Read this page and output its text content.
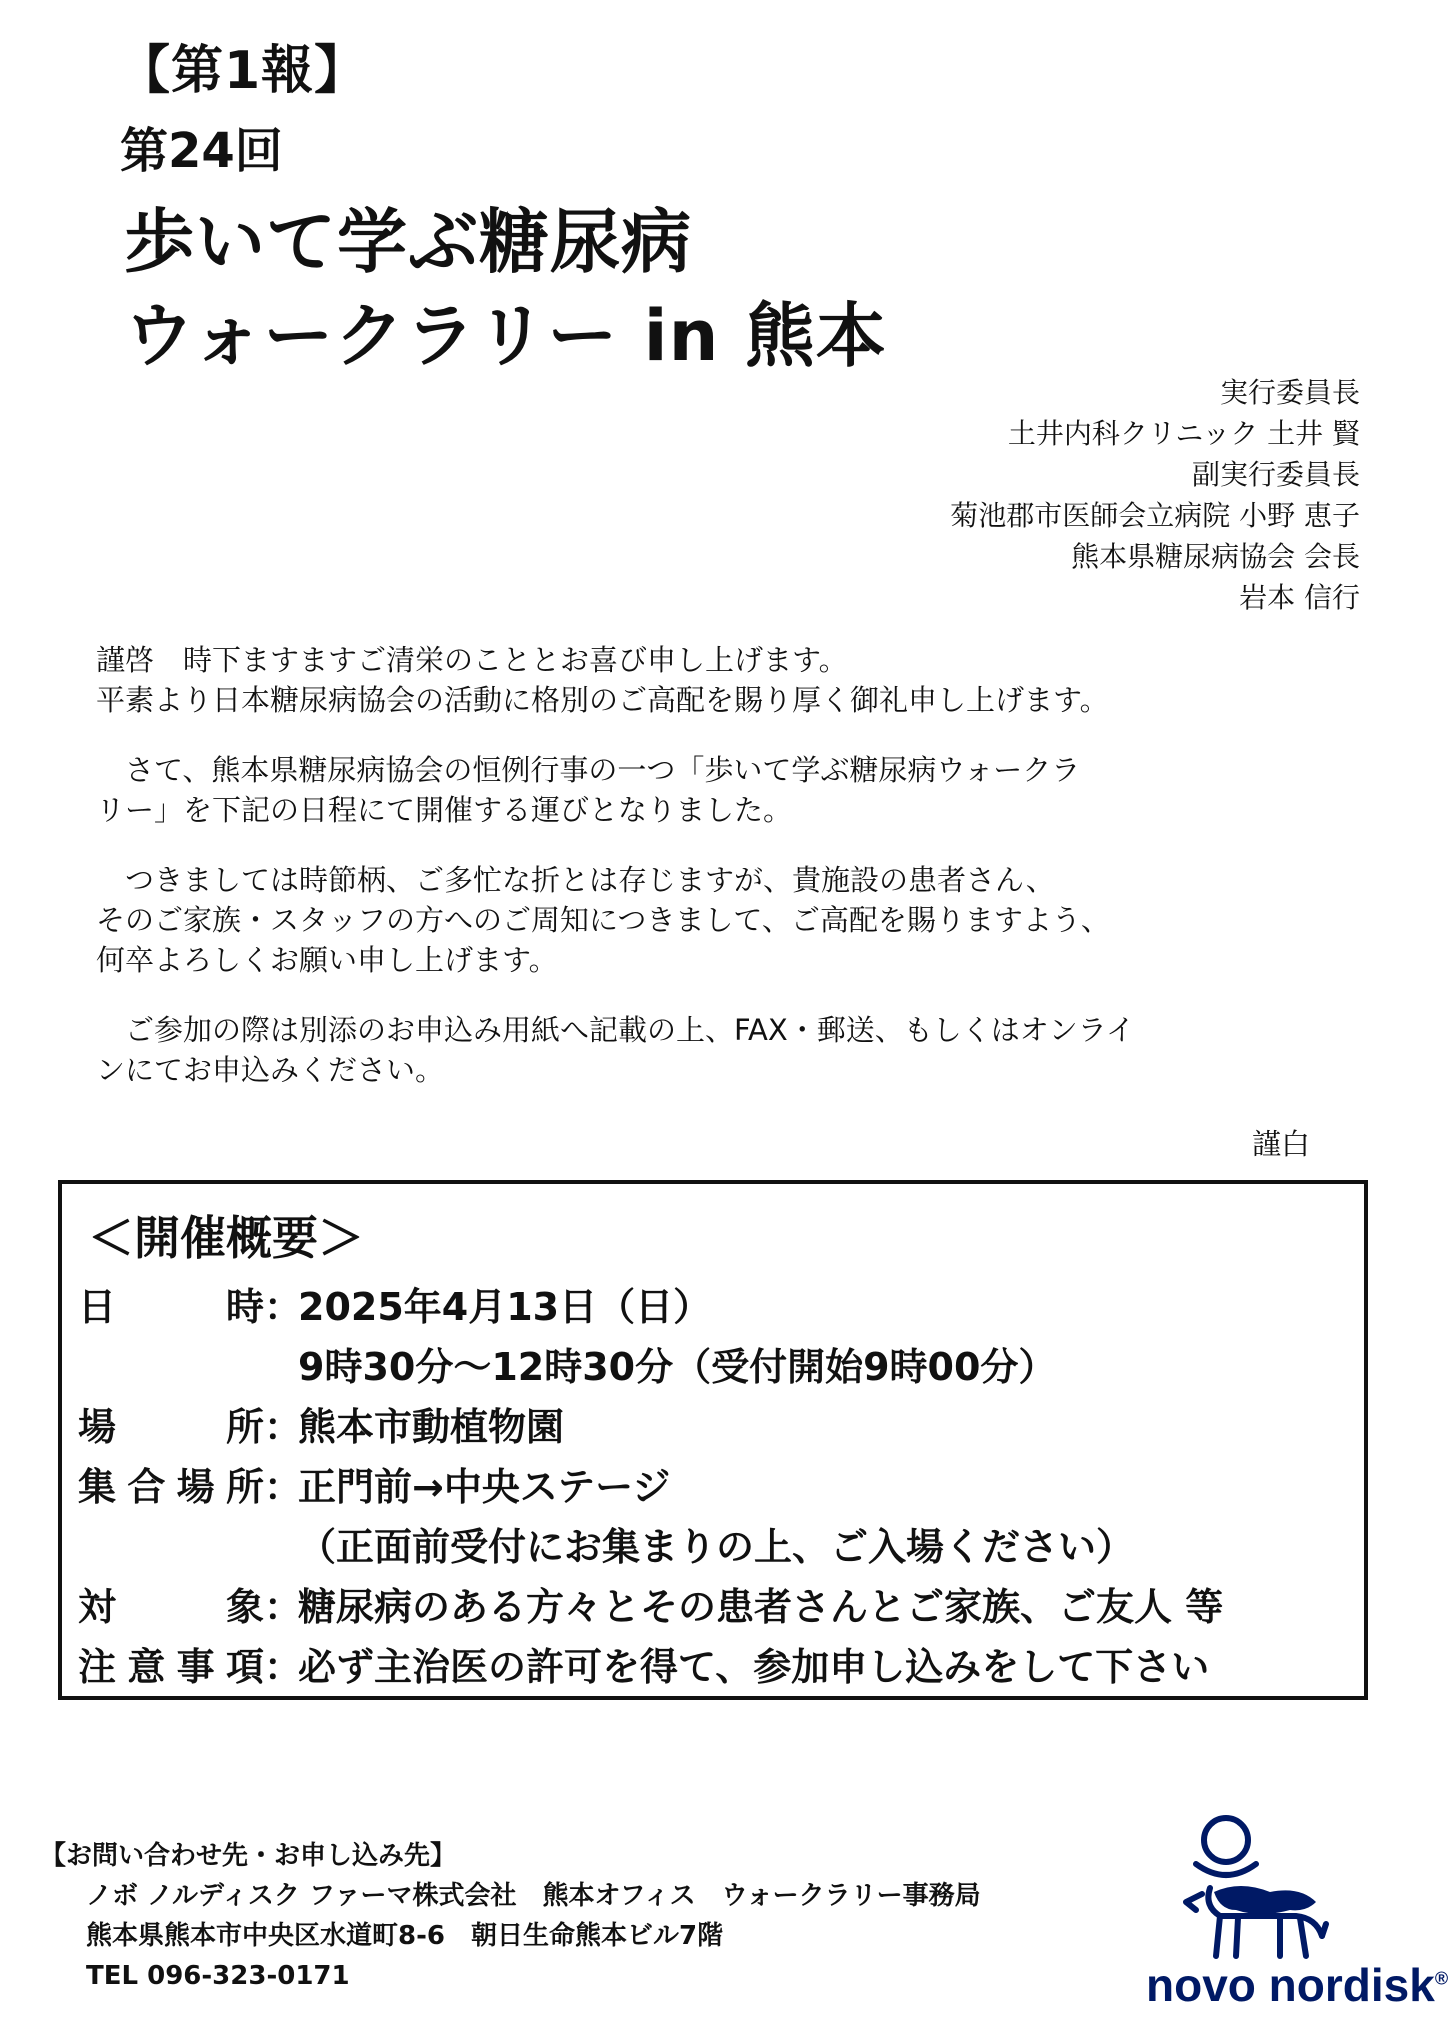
【第1報】
第24回
歩いて学ぶ糖尿病
ウォークラリー in 熊本
実行委員長
土井内科クリニック 土井 賢
副実行委員長
菊池郡市医師会立病院 小野 恵子
熊本県糖尿病協会 会長
岩本 信行

謹啓　時下ますますご清栄のこととお喜び申し上げます。
平素より日本糖尿病協会の活動に格別のご高配を賜り厚く御礼申し上げます。

　さて、熊本県糖尿病協会の恒例行事の一つ「歩いて学ぶ糖尿病ウォークラ
リー」を下記の日程にて開催する運びとなりました。

　つきましては時節柄、ご多忙な折とは存じますが、貴施設の患者さん、
そのご家族・スタッフの方へのご周知につきまして、ご高配を賜りますよう、
何卒よろしくお願い申し上げます。

　ご参加の際は別添のお申込み用紙へ記載の上、FAX・郵送、もしくはオンライ
ンにてお申込みください。

謹白
＜開催概要＞
日　　時：2025年4月13日（日）
9時30分～12時30分（受付開始9時00分）
場　　所：熊本市動植物園
集合場所：正門前→中央ステージ
（正面前受付にお集まりの上、ご入場ください）
対　　象：糖尿病のある方々とその患者さんとご家族、ご友人 等
注意事項：必ず主治医の許可を得て、参加申し込みをして下さい
【お問い合わせ先・お申し込み先】
ノボ ノルディスク ファーマ株式会社　熊本オフィス　ウォークラリー事務局
熊本県熊本市中央区水道町8-6　朝日生命熊本ビル7階
TEL 096-323-0171	novo nordisk®
